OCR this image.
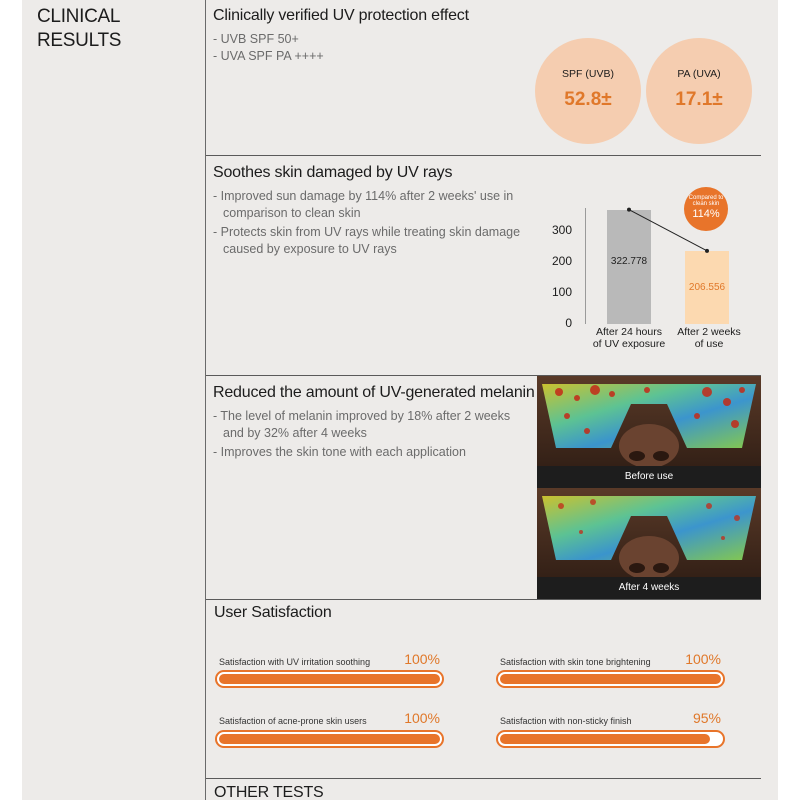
CLINICAL
RESULTS
Clinically verified UV protection effect
- UVB SPF 50+
- UVA SPF PA ++++
SPF (UVB)
52.8±
PA (UVA)
17.1±
Soothes skin damaged by UV rays
- Improved sun damage by 114% after 2 weeks' use in
comparison to clean skin
- Protects skin from UV rays while treating skin damage
caused by exposure to UV rays
300
200
100
0
322.778
206.556
After 24 hours
of UV exposure
After 2 weeks
of use
Compared to clean skin
114%
Reduced the amount of UV-generated melanin
- The level of melanin improved by 18% after 2 weeks
and by 32% after 4 weeks
- Improves the skin tone with each application
Before use
After 4 weeks
User Satisfaction
Satisfaction with UV irritation soothing	100%	Satisfaction with skin tone brightening	100%
Satisfaction of acne-prone skin users	100%	Satisfaction with non-sticky finish	95%
OTHER TESTS
